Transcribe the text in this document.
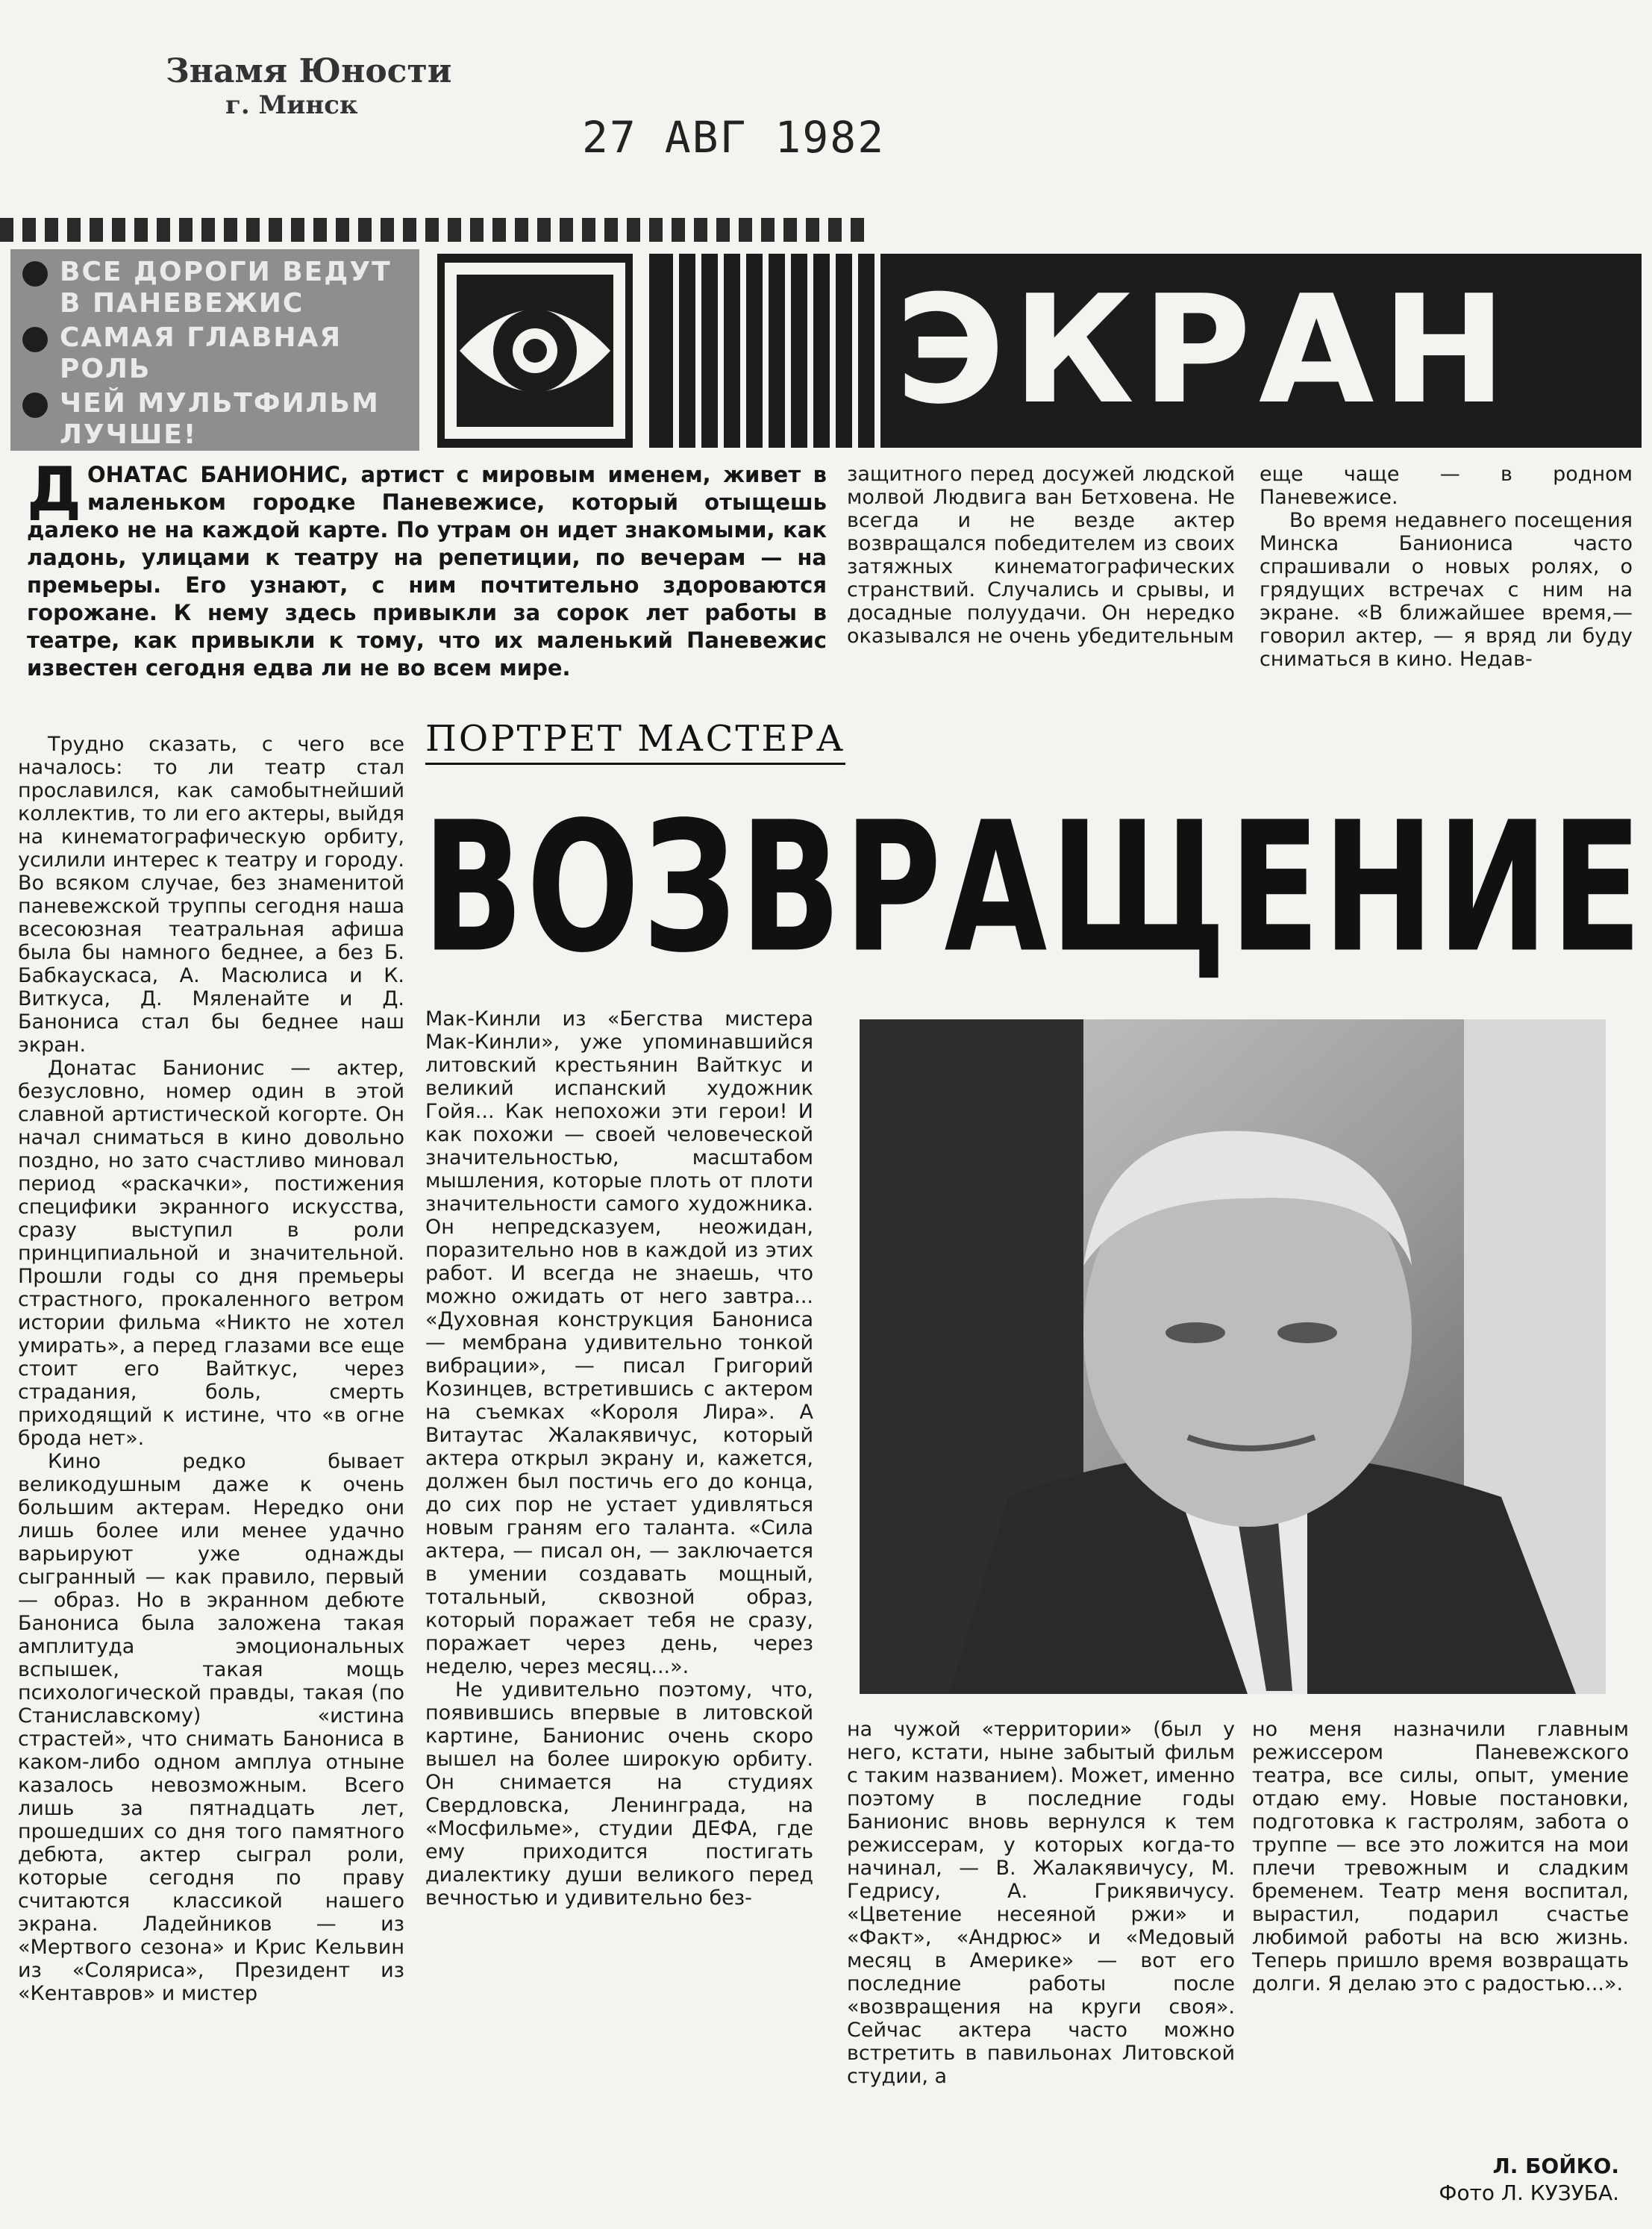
Знамя Юности
г. Минск
27 АВГ 1982
ВСЕ ДОРОГИ ВЕДУТ В ПАНЕВЕЖИС
САМАЯ ГЛАВНАЯ РОЛЬ
ЧЕЙ МУЛЬТФИЛЬМ ЛУЧШЕ!	ЭКРАН
ДОНАТАС БАНИОНИС, артист с мировым именем, живет в маленьком городке Паневежисе, который отыщешь далеко не на каждой карте. По утрам он идет знакомыми, как ладонь, улицами к театру на репетиции, по вечерам — на премьеры. Его узнают, с ним почтительно здороваются горожане. К нему здесь привыкли за сорок лет работы в театре, как привыкли к тому, что их маленький Паневежис известен сегодня едва ли не во всем мире.

защитного перед досужей людской молвой Людвига ван Бетховена. Не всегда и не везде актер возвращался победителем из своих затяжных кинематографических странствий. Случались и срывы, и досадные полуудачи. Он нередко оказывался не очень убедительным

еще чаще — в родном Паневежисе.

Во время недавнего посещения Минска Баниониса часто спрашивали о новых ролях, о грядущих встречах с ним на экране. «В ближайшее время,— говорил актер, — я вряд ли буду сниматься в кино. Недав-

ПОРТРЕТ МАСТЕРА
ВОЗВРАЩЕНИЕ

Трудно сказать, с чего все началось: то ли театр стал прославился, как самобытнейший коллектив, то ли его актеры, выйдя на кинематографическую орбиту, усилили интерес к театру и городу. Во всяком случае, без знаменитой паневежской труппы сегодня наша всесоюзная театральная афиша была бы намного беднее, а без Б. Бабкаускаса, А. Масюлиса и К. Виткуса, Д. Мяленайте и Д. Банониса стал бы беднее наш экран.

Донатас Банионис — актер, безусловно, номер один в этой славной артистической когорте. Он начал сниматься в кино довольно поздно, но зато счастливо миновал период «раскачки», постижения специфики экранного искусства, сразу выступил в роли принципиальной и значительной. Прошли годы со дня премьеры страстного, прокаленного ветром истории фильма «Никто не хотел умирать», а перед глазами все еще стоит его Вайткус, через страдания, боль, смерть приходящий к истине, что «в огне брода нет».

Кино редко бывает великодушным даже к очень большим актерам. Нередко они лишь более или менее удачно варьируют уже однажды сыгранный — как правило, первый — образ. Но в экранном дебюте Банониса была заложена такая амплитуда эмоциональных вспышек, такая мощь психологической правды, такая (по Станиславскому) «истина страстей», что снимать Банониса в каком-либо одном амплуа отныне казалось невозможным. Всего лишь за пятнадцать лет, прошедших со дня того памятного дебюта, актер сыграл роли, которые сегодня по праву считаются классикой нашего экрана. Ладейников — из «Мертвого сезона» и Крис Кельвин из «Соляриса», Президент из «Кентавров» и мистер

Мак-Кинли из «Бегства мистера Мак-Кинли», уже упоминавшийся литовский крестьянин Вайткус и великий испанский художник Гойя... Как непохожи эти герои! И как похожи — своей человеческой значительностью, масштабом мышления, которые плоть от плоти значительности самого художника. Он непредсказуем, неожидан, поразительно нов в каждой из этих работ. И всегда не знаешь, что можно ожидать от него завтра... «Духовная конструкция Банониса — мембрана удивительно тонкой вибрации», — писал Григорий Козинцев, встретившись с актером на съемках «Короля Лира». А Витаутас Жалакявичус, который актера открыл экрану и, кажется, должен был постичь его до конца, до сих пор не устает удивляться новым граням его таланта. «Сила актера, — писал он, — заключается в умении создавать мощный, тотальный, сквозной образ, который поражает тебя не сразу, поражает через день, через неделю, через месяц...».

Не удивительно поэтому, что, появившись впервые в литовской картине, Банионис очень скоро вышел на более широкую орбиту. Он снимается на студиях Свердловска, Ленинграда, на «Мосфильме», студии ДЕФА, где ему приходится постигать диалектику души великого перед вечностью и удивительно без-

на чужой «территории» (был у него, кстати, ныне забытый фильм с таким названием). Может, именно поэтому в последние годы Банионис вновь вернулся к тем режиссерам, у которых когда-то начинал, — В. Жалакявичусу, М. Гедрису, А. Грикявичусу. «Цветение несеяной ржи» и «Факт», «Андрюс» и «Медовый месяц в Америке» — вот его последние работы после «возвращения на круги своя». Сейчас актера часто можно встретить в павильонах Литовской студии, а

но меня назначили главным режиссером Паневежского театра, все силы, опыт, умение отдаю ему. Новые постановки, подготовка к гастролям, забота о труппе — все это ложится на мои плечи тревожным и сладким бременем. Театр меня воспитал, вырастил, подарил счастье любимой работы на всю жизнь. Теперь пришло время возвращать долги. Я делаю это с радостью...».

Л. БОЙКО.
Фото Л. КУЗУБА.
